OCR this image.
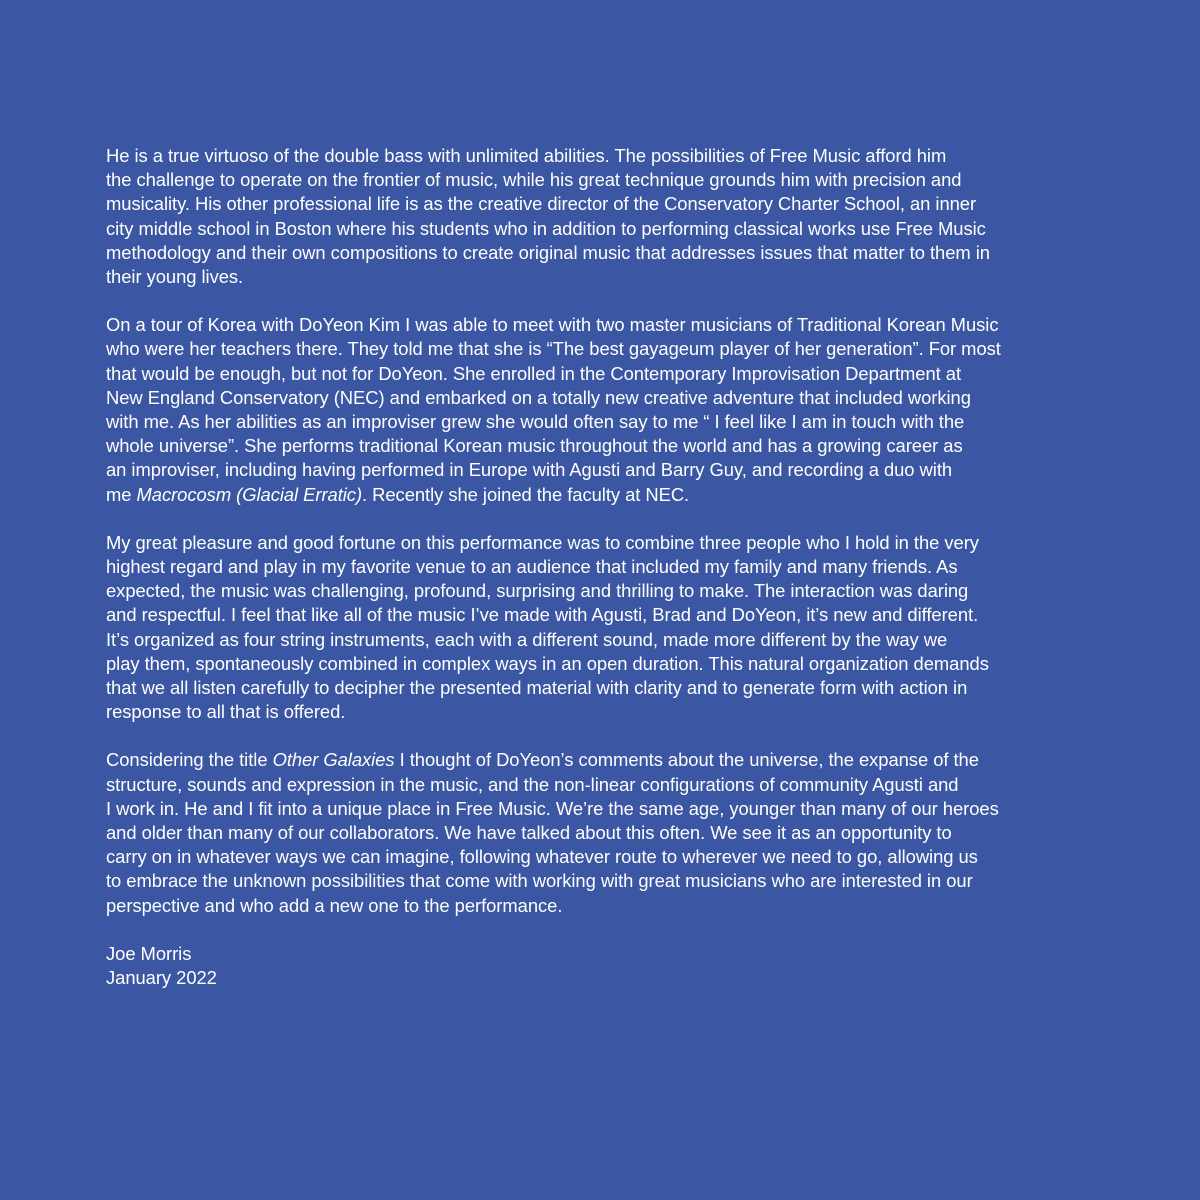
He is a true virtuoso of the double bass with unlimited abilities. The possibilities of Free Music afford him
the challenge to operate on the frontier of music, while his great technique grounds him with precision and
musicality. His other professional life is as the creative director of the Conservatory Charter School, an inner
city middle school in Boston where his students who in addition to performing classical works use Free Music
methodology and their own compositions to create original music that addresses issues that matter to them in
their young lives.
On a tour of Korea with DoYeon Kim I was able to meet with two master musicians of Traditional Korean Music
who were her teachers there. They told me that she is “The best gayageum player of her generation”. For most
that would be enough, but not for DoYeon. She enrolled in the Contemporary Improvisation Department at
New England Conservatory (NEC) and embarked on a totally new creative adventure that included working
with me. As her abilities as an improviser grew she would often say to me “ I feel like I am in touch with the
whole universe”. She performs traditional Korean music throughout the world and has a growing career as
an improviser, including having performed in Europe with Agusti and Barry Guy, and recording a duo with
me Macrocosm (Glacial Erratic). Recently she joined the faculty at NEC.
My great pleasure and good fortune on this performance was to combine three people who I hold in the very
highest regard and play in my favorite venue to an audience that included my family and many friends. As
expected, the music was challenging, profound, surprising and thrilling to make. The interaction was daring
and respectful. I feel that like all of the music I’ve made with Agusti, Brad and DoYeon, it’s new and different.
It’s organized as four string instruments, each with a different sound, made more different by the way we
play them, spontaneously combined in complex ways in an open duration. This natural organization demands
that we all listen carefully to decipher the presented material with clarity and to generate form with action in
response to all that is offered.
Considering the title Other Galaxies I thought of DoYeon’s comments about the universe, the expanse of the
structure, sounds and expression in the music, and the non-linear configurations of community Agusti and
I work in. He and I fit into a unique place in Free Music. We’re the same age, younger than many of our heroes
and older than many of our collaborators. We have talked about this often. We see it as an opportunity to
carry on in whatever ways we can imagine, following whatever route to wherever we need to go, allowing us
to embrace the unknown possibilities that come with working with great musicians who are interested in our
perspective and who add a new one to the performance.
Joe Morris
January 2022
